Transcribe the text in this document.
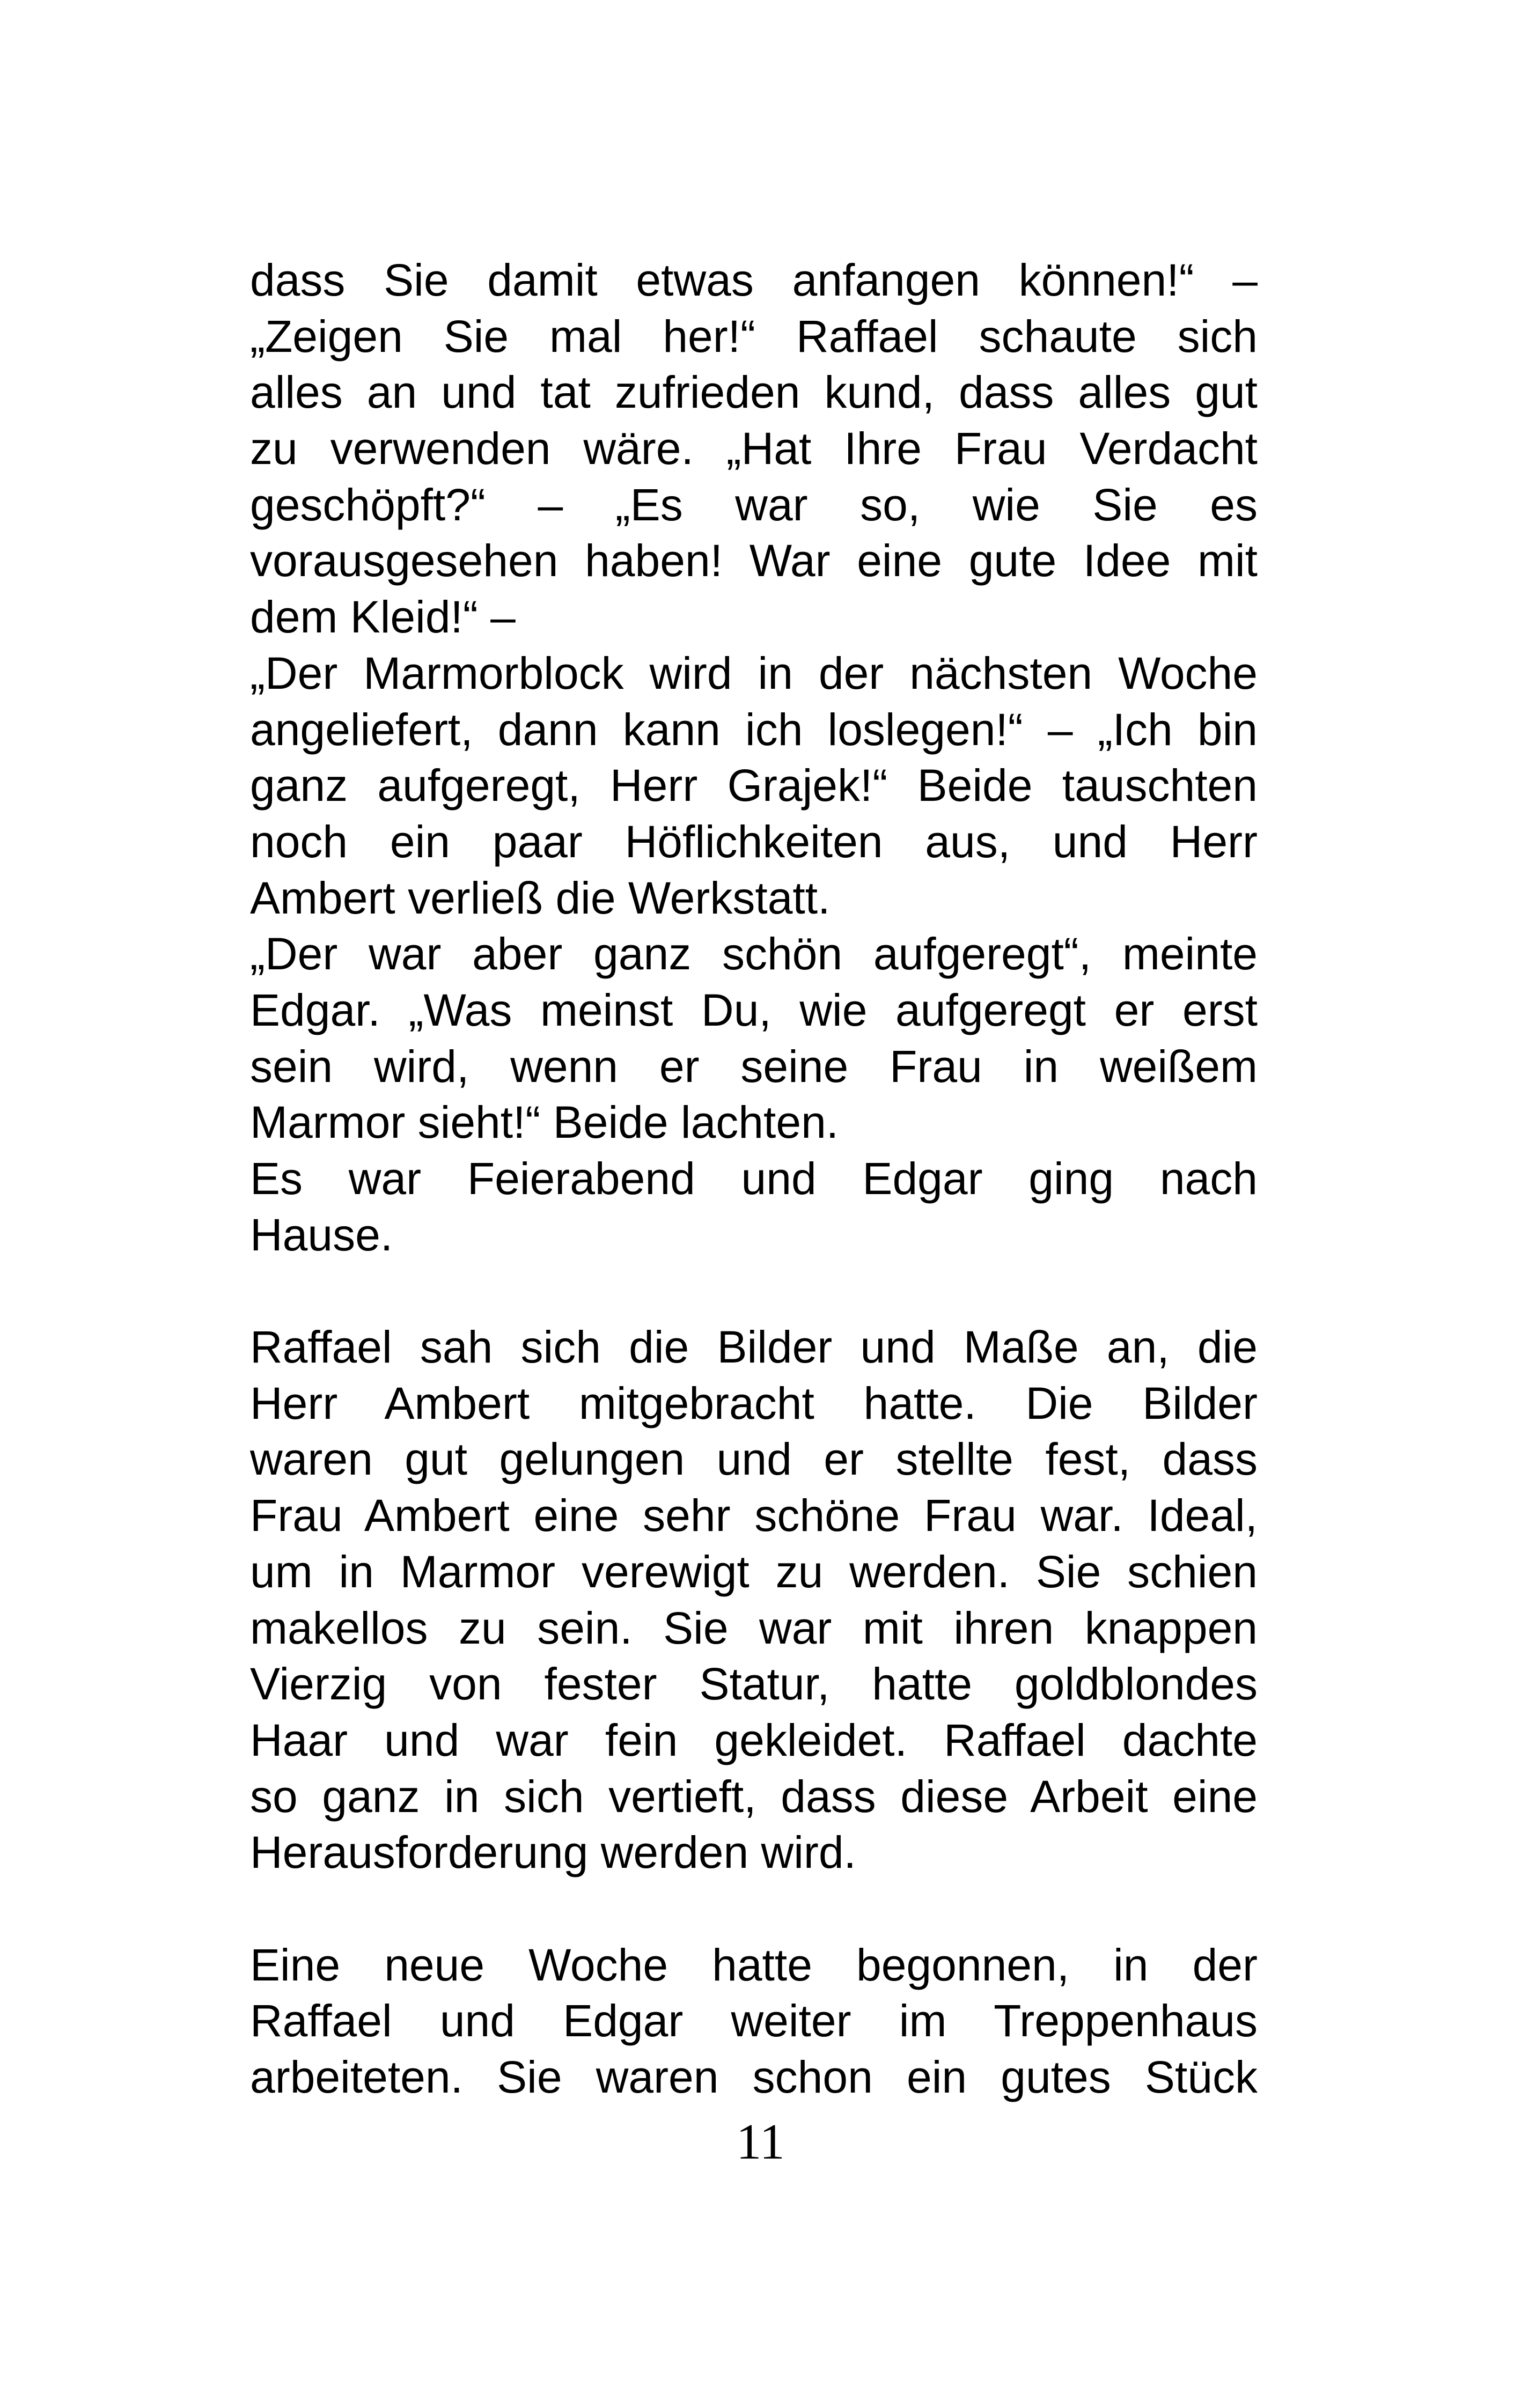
dass Sie damit etwas anfangen können!“ –
„Zeigen Sie mal her!“ Raffael schaute sich
alles an und tat zufrieden kund, dass alles gut
zu verwenden wäre. „Hat Ihre Frau Verdacht
geschöpft?“ – „Es war so, wie Sie es
vorausgesehen haben! War eine gute Idee mit
dem Kleid!“ –
„Der Marmorblock wird in der nächsten Woche
angeliefert, dann kann ich loslegen!“ – „Ich bin
ganz aufgeregt, Herr Grajek!“ Beide tauschten
noch ein paar Höflichkeiten aus, und Herr
Ambert verließ die Werkstatt.
„Der war aber ganz schön aufgeregt“, meinte
Edgar. „Was meinst Du, wie aufgeregt er erst
sein wird, wenn er seine Frau in weißem
Marmor sieht!“ Beide lachten.
Es war Feierabend und Edgar ging nach
Hause.
Raffael sah sich die Bilder und Maße an, die
Herr Ambert mitgebracht hatte. Die Bilder
waren gut gelungen und er stellte fest, dass
Frau Ambert eine sehr schöne Frau war. Ideal,
um in Marmor verewigt zu werden. Sie schien
makellos zu sein. Sie war mit ihren knappen
Vierzig von fester Statur, hatte goldblondes
Haar und war fein gekleidet. Raffael dachte
so ganz in sich vertieft, dass diese Arbeit eine
Herausforderung werden wird.
Eine neue Woche hatte begonnen, in der
Raffael und Edgar weiter im Treppenhaus
arbeiteten. Sie waren schon ein gutes Stück
11
